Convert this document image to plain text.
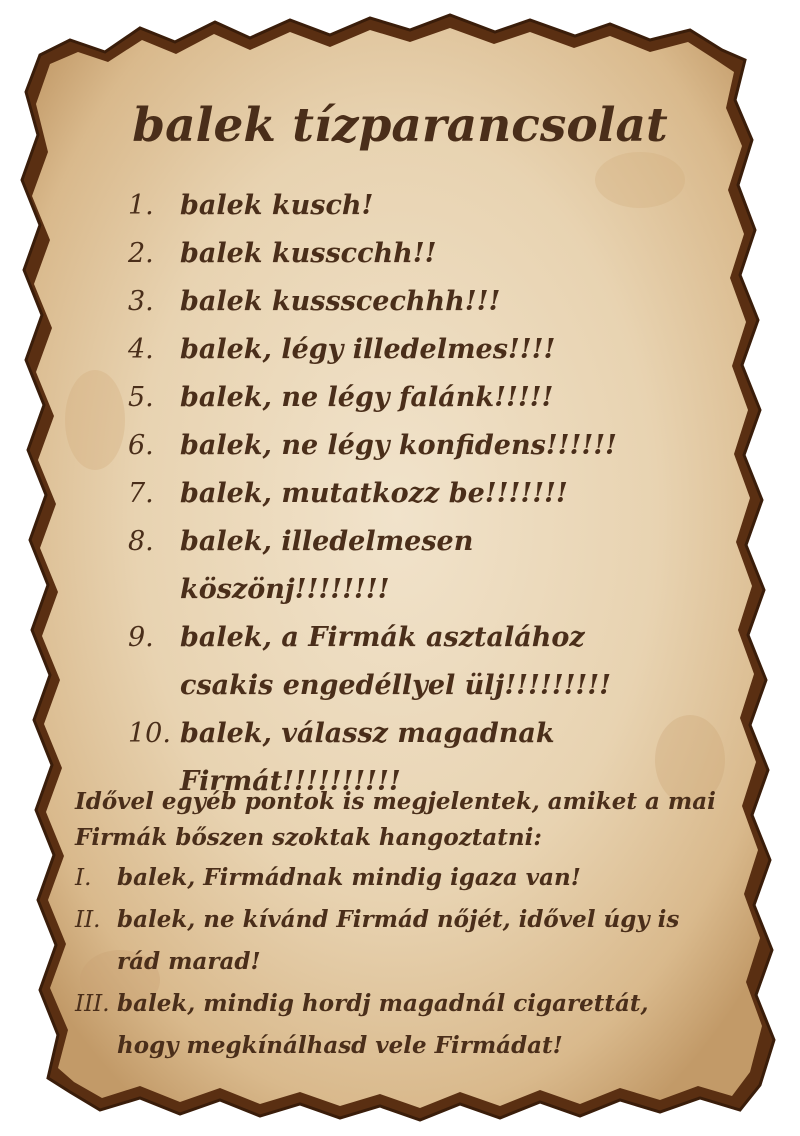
balek tízparancsolat
1. balek kusch!
2. balek kusscchh!!
3. balek kussscechhh!!!
4. balek, légy illedelmes!!!!
5. balek, ne légy falánk!!!!!
6. balek, ne légy konfidens!!!!!!
7. balek, mutatkozz be!!!!!!!
8. balek, illedelmesen
köszönj!!!!!!!!
9. balek, a Firmák asztalához
csakis engedéllyel ülj!!!!!!!!!
10. balek, válassz magadnak
Firmát!!!!!!!!!!
Idővel egyéb pontok is megjelentek, amiket a mai
Firmák bőszen szoktak hangoztatni:
I. balek, Firmádnak mindig igaza van!
II. balek, ne kívánd Firmád nőjét, idővel úgy is
rád marad!
III. balek, mindig hordj magadnál cigarettát,
hogy megkínálhasd vele Firmádat!
